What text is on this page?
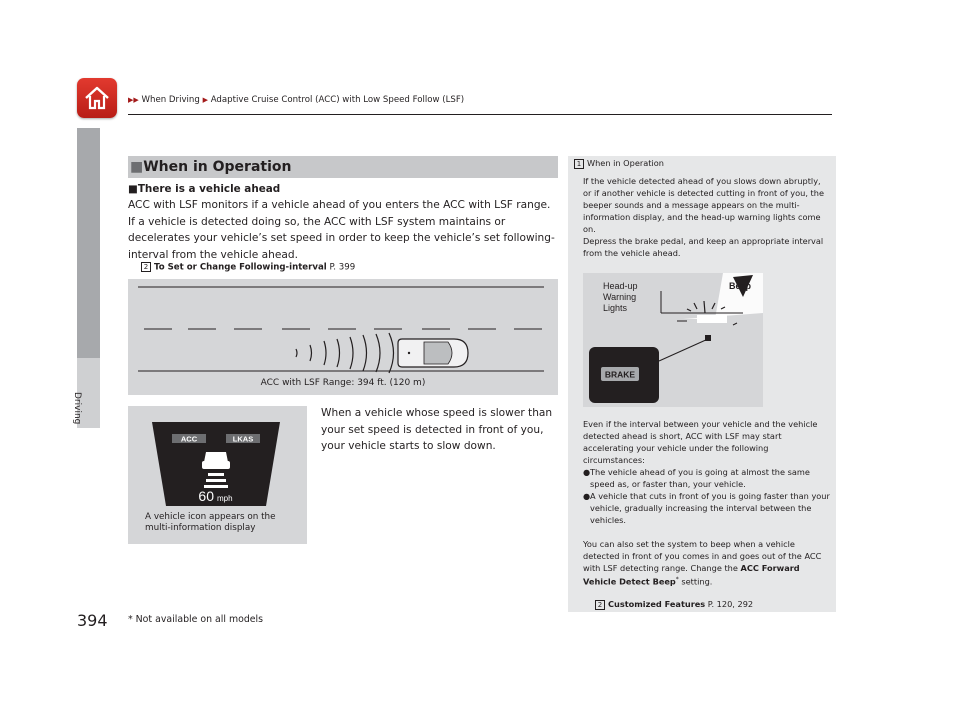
▶▶ When Driving ▶ Adaptive Cruise Control (ACC) with Low Speed Follow (LSF)
Driving
■When in Operation
■There is a vehicle ahead
ACC with LSF monitors if a vehicle ahead of you enters the ACC with LSF range. If a vehicle is detected doing so, the ACC with LSF system maintains or decelerates your vehicle’s set speed in order to keep the vehicle’s set following-interval from the vehicle ahead.
2 To Set or Change Following-interval P. 399
ACC with LSF Range: 394 ft. (120 m)
When a vehicle whose speed is slower than your set speed is detected in front of you, your vehicle starts to slow down.
ACC	LKAS
60 mph
A vehicle icon appears on the multi-information display
1 When in Operation
If the vehicle detected ahead of you slows down abruptly, or if another vehicle is detected cutting in front of you, the beeper sounds and a message appears on the multi-information display, and the head-up warning lights come on.
Depress the brake pedal, and keep an appropriate interval from the vehicle ahead.
BRAKE
Head-up
Warning
Lights
Beep
Even if the interval between your vehicle and the vehicle detected ahead is short, ACC with LSF may start accelerating your vehicle under the following circumstances:
● The vehicle ahead of you is going at almost the same speed as, or faster than, your vehicle.
● A vehicle that cuts in front of you is going faster than your vehicle, gradually increasing the interval between the vehicles.
You can also set the system to beep when a vehicle detected in front of you comes in and goes out of the ACC with LSF detecting range. Change the ACC Forward Vehicle Detect Beep* setting.
2 Customized Features P. 120, 292
394 * Not available on all models
